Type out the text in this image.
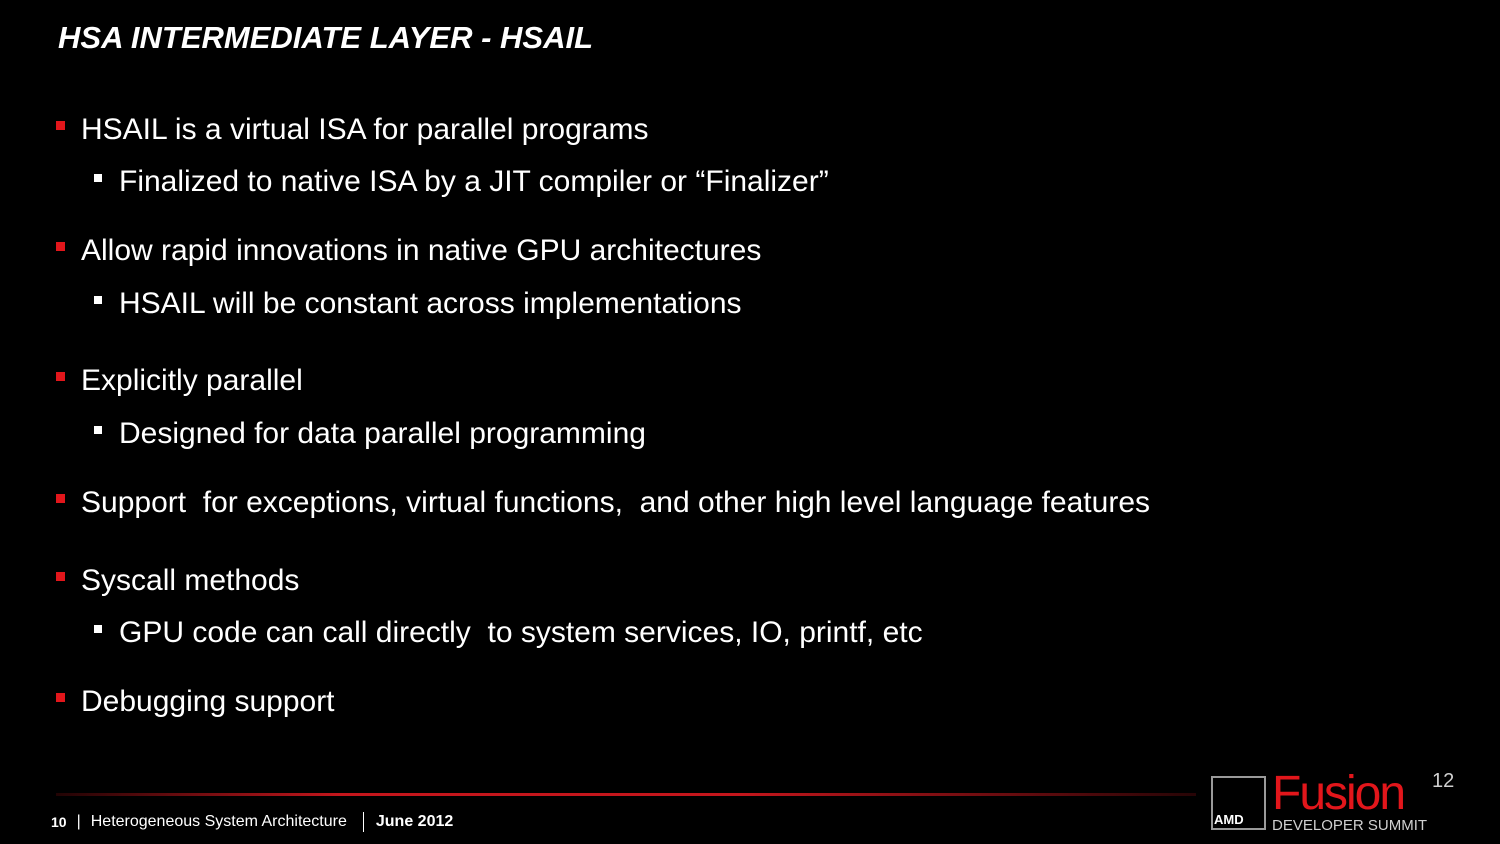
HSA INTERMEDIATE LAYER - HSAIL
HSAIL is a virtual ISA for parallel programs
Finalized to native ISA by a JIT compiler or “Finalizer”
Allow rapid innovations in native GPU architectures
HSAIL will be constant across implementations
Explicitly parallel
Designed for data parallel programming
Support  for exceptions, virtual functions,  and other high level language features
Syscall methods
GPU code can call directly  to system services, IO, printf, etc
Debugging support
10 | Heterogeneous System Architecture June 2012	AMD Fusion 12
DEVELOPER SUMMIT
